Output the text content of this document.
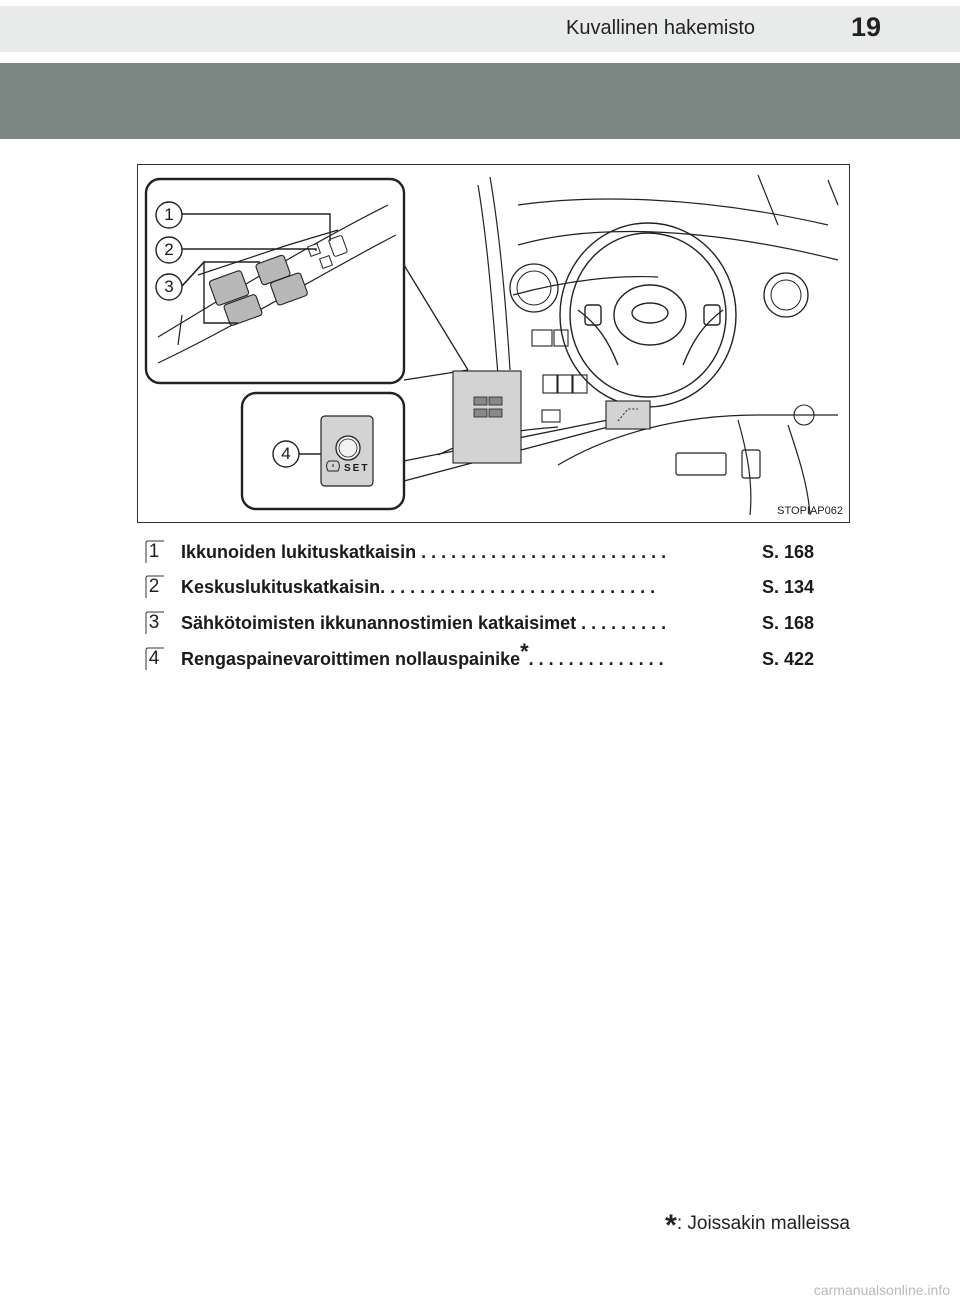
Kuvallinen hakemisto	19
1
2
3
4
SET
STOPIAP062
1 Ikkunoiden lukituskatkaisin . . . . . . . . . . . . . . . . . . . . . . . . .	S. 168
2 Keskuslukituskatkaisin. . . . . . . . . . . . . . . . . . . . . . . . . . . .	S. 134
3 Sähkötoimisten ikkunannostimien katkaisimet . . . . . . . . .	S. 168
4 Rengaspainevaroittimen nollauspainike*. . . . . . . . . . . . . .	S. 422
*: Joissakin malleissa
carmanualsonline.info
